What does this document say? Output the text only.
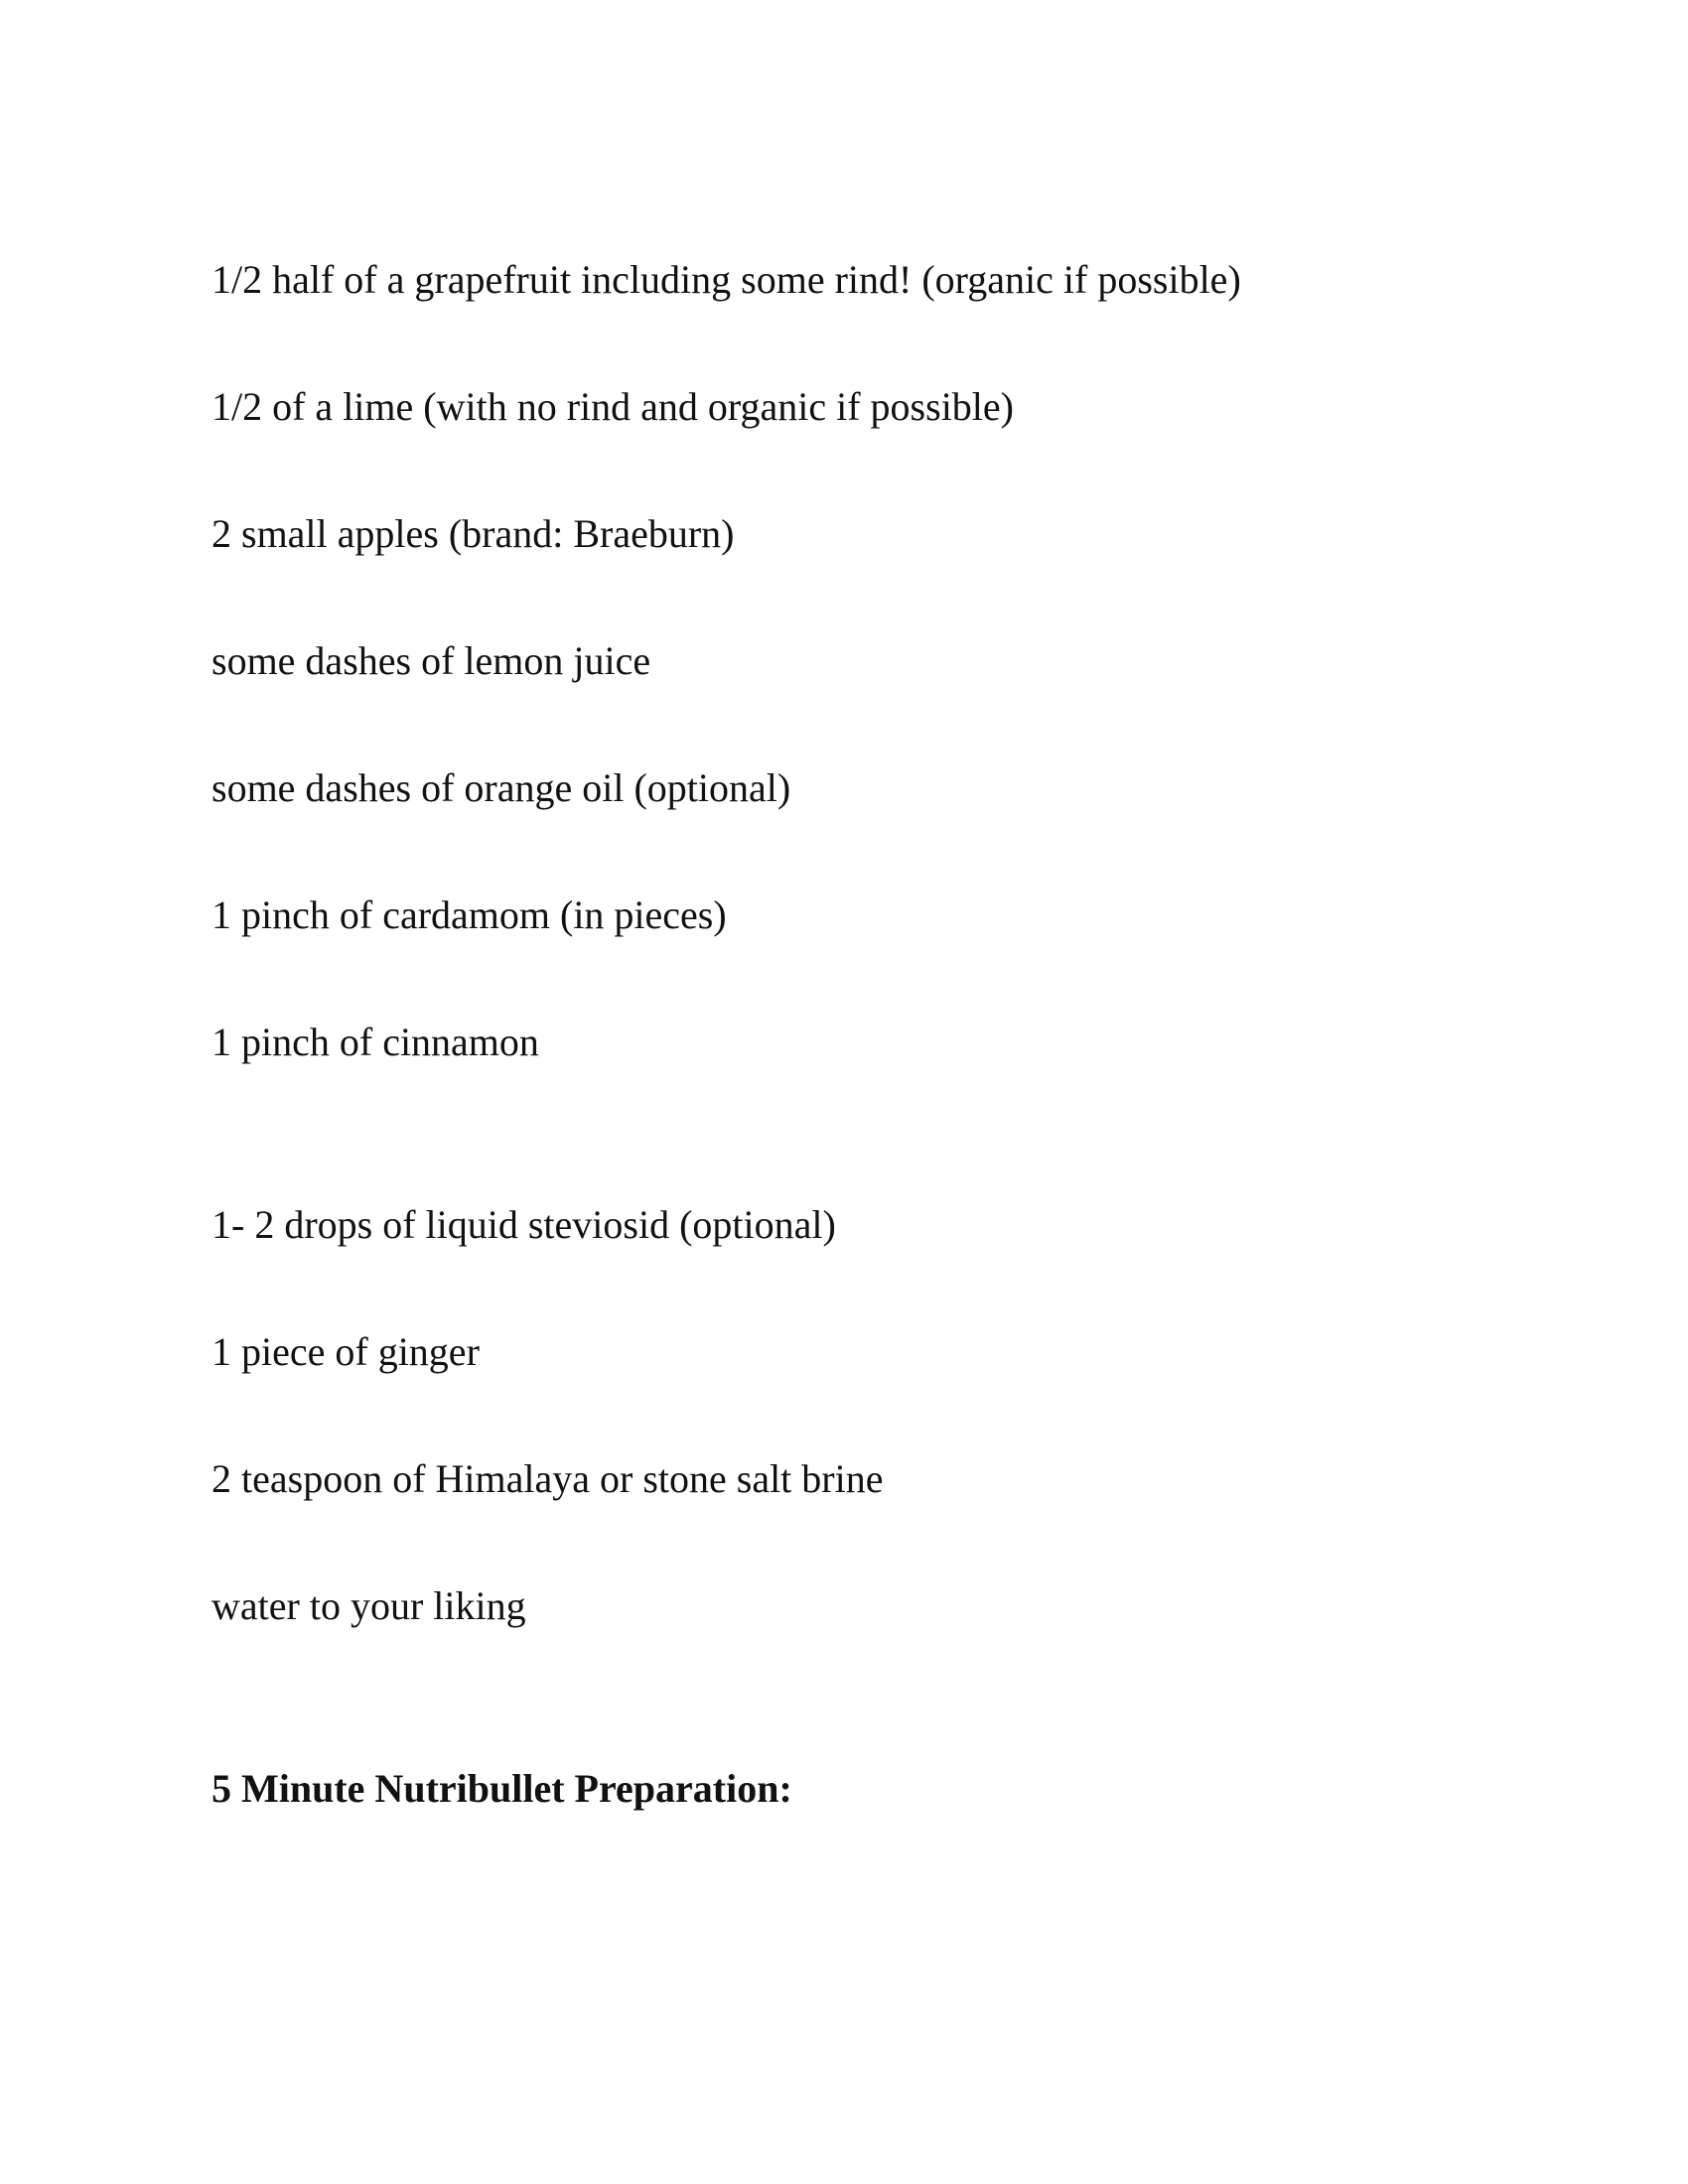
1/2 half of a grapefruit including some rind! (organic if possible)
1/2 of a lime (with no rind and organic if possible)
2 small apples (brand: Braeburn)
some dashes of lemon juice
some dashes of orange oil (optional)
1 pinch of cardamom (in pieces)
1 pinch of cinnamon
1- 2 drops of liquid steviosid (optional)
1 piece of ginger
2 teaspoon of Himalaya or stone salt brine
water to your liking
5 Minute Nutribullet Preparation:
